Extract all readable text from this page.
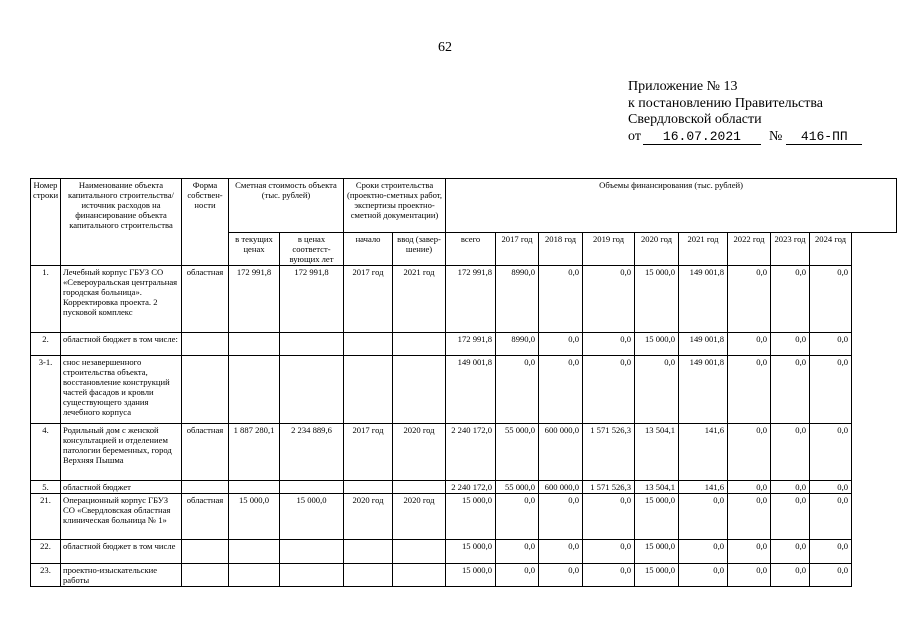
62
Приложение № 13
к постановлению Правительства
Свердловской области
от 16.07.2021 № 416-ПП
Номер строки	Наименование объекта капитального строительства/ источник расходов на финансирование объекта капитального строительства	Форма собствен-ности	Сметная стоимость объекта (тыс. рублей)		Сроки строительства (проектно-сметных работ, экспертизы проектно-сметной документации)		Объемы финансирования (тыс. рублей)								
			в текущих ценах	в ценах соответст-вующих лет	начало	ввод (завер-шение)	всего	2017 год	2018 год	2019 год	2020 год	2021 год	2022 год	2023 год	2024 год
1.	Лечебный корпус ГБУЗ СО «Североуральская центральная городская больница». Корректировка проекта. 2 пусковой комплекс	областная	172 991,8	172 991,8	2017 год	2021 год	172 991,8	8990,0	0,0	0,0	15 000,0	149 001,8	0,0	0,0	0,0
2.	областной бюджет в том числе:						172 991,8	8990,0	0,0	0,0	15 000,0	149 001,8	0,0	0,0	0,0
3-1.	снос незавершенного строительства объекта, восстановление конструкций частей фасадов и кровли существующего здания лечебного корпуса						149 001,8	0,0	0,0	0,0	0,0	149 001,8	0,0	0,0	0,0
4.	Родильный дом с женской консультацией и отделением патологии беременных, город Верхняя Пышма	областная	1 887 280,1	2 234 889,6	2017 год	2020 год	2 240 172,0	55 000,0	600 000,0	1 571 526,3	13 504,1	141,6	0,0	0,0	0,0
5.	областной бюджет						2 240 172,0	55 000,0	600 000,0	1 571 526,3	13 504,1	141,6	0,0	0,0	0,0
21.	Операционный корпус ГБУЗ СО «Свердловская областная клиническая больница № 1»	областная	15 000,0	15 000,0	2020 год	2020 год	15 000,0	0,0	0,0	0,0	15 000,0	0,0	0,0	0,0	0,0
22.	областной бюджет в том числе						15 000,0	0,0	0,0	0,0	15 000,0	0,0	0,0	0,0	0,0
23.	проектно-изыскательские работы						15 000,0	0,0	0,0	0,0	15 000,0	0,0	0,0	0,0	0,0
